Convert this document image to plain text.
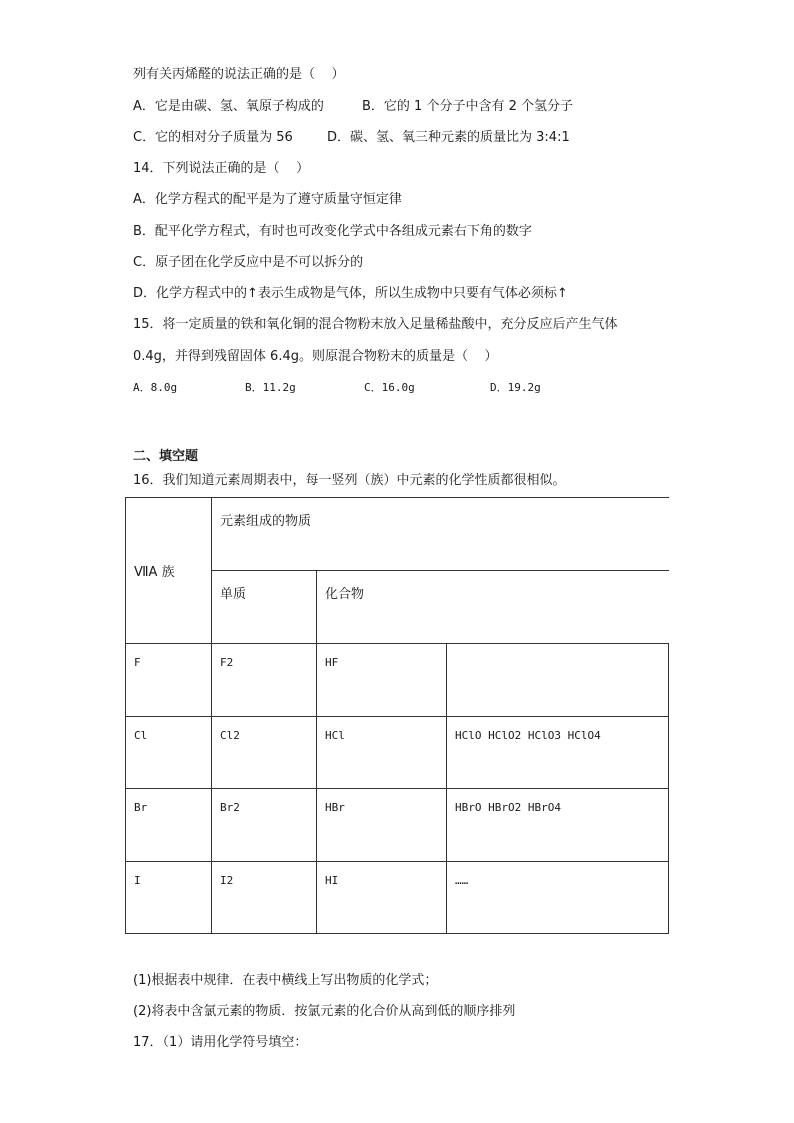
列有关丙烯醛的说法正确的是（    ）
A．它是由碳、氢、氧原子构成的	B．它的 1 个分子中含有 2 个氢分子
C．它的相对分子质量为 56	D．碳、氢、氧三种元素的质量比为 3:4:1
14．下列说法正确的是（    ）
A．化学方程式的配平是为了遵守质量守恒定律
B．配平化学方程式，有时也可改变化学式中各组成元素右下角的数字
C．原子团在化学反应中是不可以拆分的
D．化学方程式中的↑表示生成物是气体，所以生成物中只要有气体必须标↑
15．将一定质量的铁和氧化铜的混合物粉末放入足量稀盐酸中，充分反应后产生气体
0.4g，并得到残留固体 6.4g。则原混合物粉末的质量是（    ）
A．8.0g	B．11.2g	C．16.0g	D．19.2g
二、填空题
16．我们知道元素周期表中，每一竖列（族）中元素的化学性质都很相似。
ⅦA 族	元素组成的物质		
	单质	化合物	
F	F2	HF	
Cl	Cl2	HCl	HClO HClO2 HClO3 HClO4
Br	Br2	HBr	HBrO HBrO2 HBrO4
I	I2	HI	……
(1)根据表中规律．在表中横线上写出物质的化学式；
(2)将表中含氯元素的物质．按氯元素的化合价从高到低的顺序排列
17．（1）请用化学符号填空：
